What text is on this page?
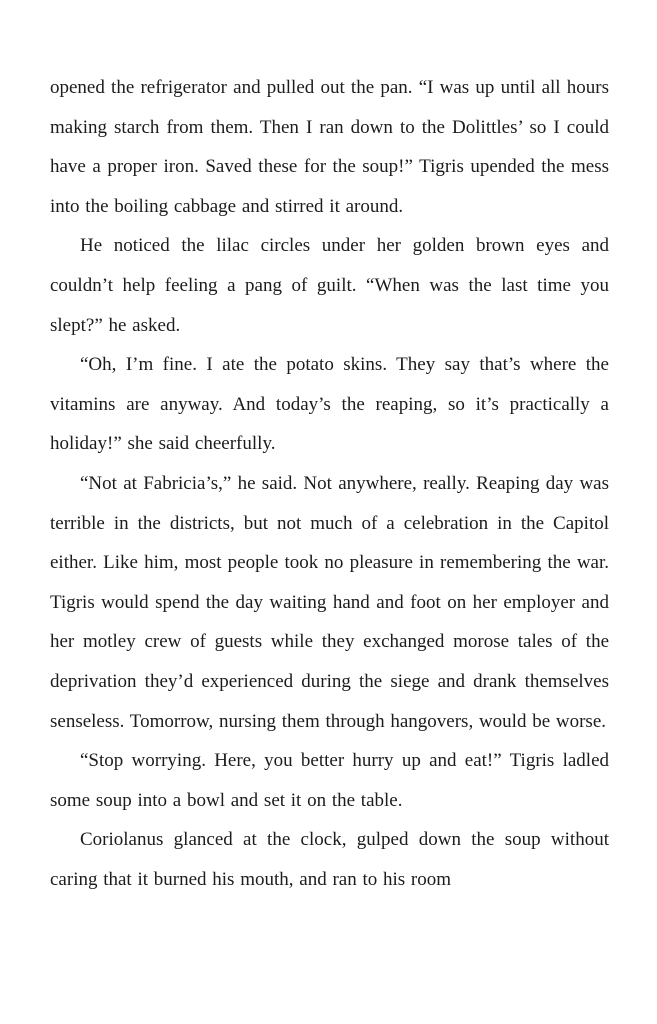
opened the refrigerator and pulled out the pan. “I was up until all hours making starch from them. Then I ran down to the Dolittles’ so I could have a proper iron. Saved these for the soup!” Tigris upended the mess into the boiling cabbage and stirred it around.

He noticed the lilac circles under her golden brown eyes and couldn’t help feeling a pang of guilt. “When was the last time you slept?” he asked.

“Oh, I’m fine. I ate the potato skins. They say that’s where the vitamins are anyway. And today’s the reaping, so it’s practically a holiday!” she said cheerfully.

“Not at Fabricia’s,” he said. Not anywhere, really. Reaping day was terrible in the districts, but not much of a celebration in the Capitol either. Like him, most people took no pleasure in remembering the war. Tigris would spend the day waiting hand and foot on her employer and her motley crew of guests while they exchanged morose tales of the deprivation they’d experienced during the siege and drank themselves senseless. Tomorrow, nursing them through hangovers, would be worse.

“Stop worrying. Here, you better hurry up and eat!” Tigris ladled some soup into a bowl and set it on the table.

Coriolanus glanced at the clock, gulped down the soup without caring that it burned his mouth, and ran to his room
